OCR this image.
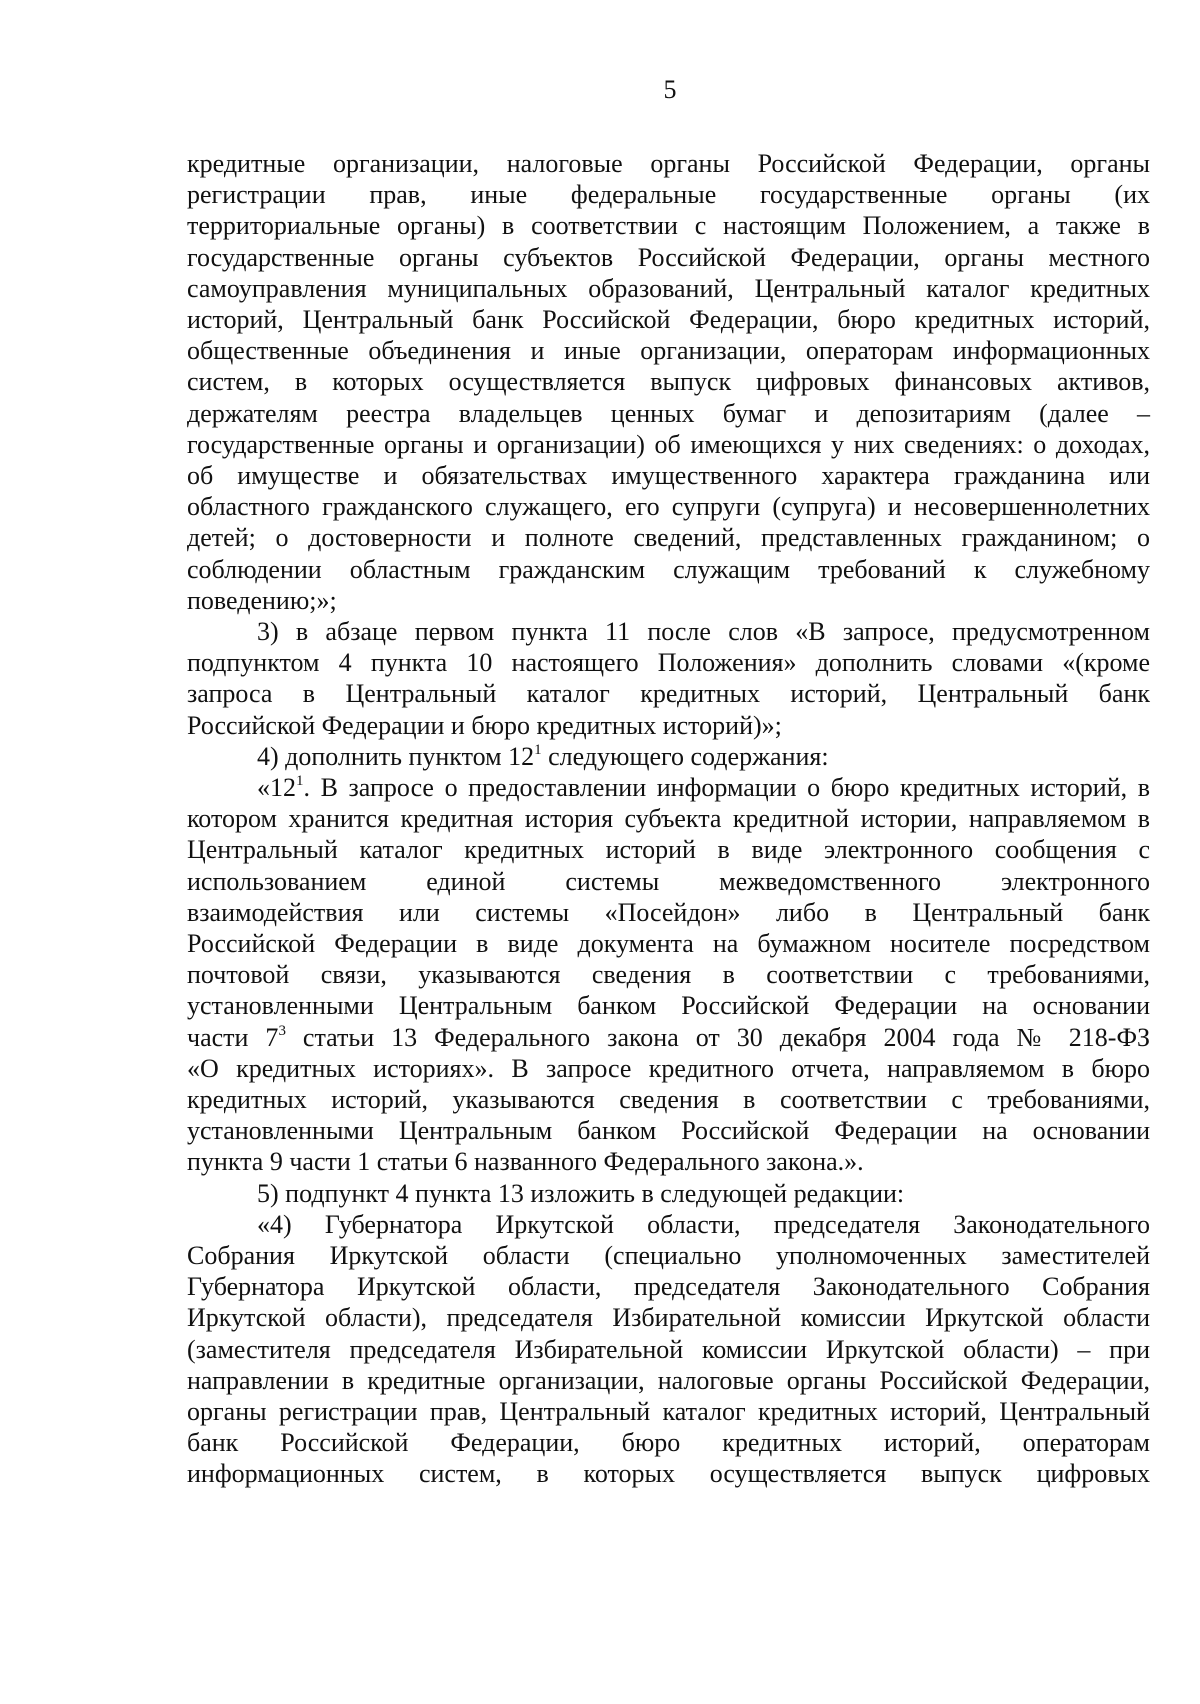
5
кредитные организации, налоговые органы Российской Федерации, органы
регистрации прав, иные федеральные государственные органы (их
территориальные органы) в соответствии с настоящим Положением, а также в
государственные органы субъектов Российской Федерации, органы местного
самоуправления муниципальных образований, Центральный каталог кредитных
историй, Центральный банк Российской Федерации, бюро кредитных историй,
общественные объединения и иные организации, операторам информационных
систем, в которых осуществляется выпуск цифровых финансовых активов,
держателям реестра владельцев ценных бумаг и депозитариям (далее –
государственные органы и организации) об имеющихся у них сведениях: о доходах,
об имуществе и обязательствах имущественного характера гражданина или
областного гражданского служащего, его супруги (супруга) и несовершеннолетних
детей; о достоверности и полноте сведений, представленных гражданином; о
соблюдении областным гражданским служащим требований к служебному
поведению;»;
3) в абзаце первом пункта 11 после слов «В запросе, предусмотренном
подпунктом 4 пункта 10 настоящего Положения» дополнить словами «(кроме
запроса в Центральный каталог кредитных историй, Центральный банк
Российской Федерации и бюро кредитных историй)»;
4) дополнить пунктом $12^1$ следующего содержания:
«$12^1$. В запросе о предоставлении информации о бюро кредитных историй, в
котором хранится кредитная история субъекта кредитной истории, направляемом в
Центральный каталог кредитных историй в виде электронного сообщения с
использованием единой системы межведомственного электронного
взаимодействия или системы «Посейдон» либо в Центральный банк
Российской Федерации в виде документа на бумажном носителе посредством
почтовой связи, указываются сведения в соответствии с требованиями,
установленными Центральным банком Российской Федерации на основании
части $7^3$ статьи 13 Федерального закона от 30 декабря 2004 года № 218-ФЗ
«О кредитных историях». В запросе кредитного отчета, направляемом в бюро
кредитных историй, указываются сведения в соответствии с требованиями,
установленными Центральным банком Российской Федерации на основании
пункта 9 части 1 статьи 6 названного Федерального закона.».
5) подпункт 4 пункта 13 изложить в следующей редакции:
«4) Губернатора Иркутской области, председателя Законодательного
Собрания Иркутской области (специально уполномоченных заместителей
Губернатора Иркутской области, председателя Законодательного Собрания
Иркутской области), председателя Избирательной комиссии Иркутской области
(заместителя председателя Избирательной комиссии Иркутской области) – при
направлении в кредитные организации, налоговые органы Российской Федерации,
органы регистрации прав, Центральный каталог кредитных историй, Центральный
банк Российской Федерации, бюро кредитных историй, операторам
информационных систем, в которых осуществляется выпуск цифровых
